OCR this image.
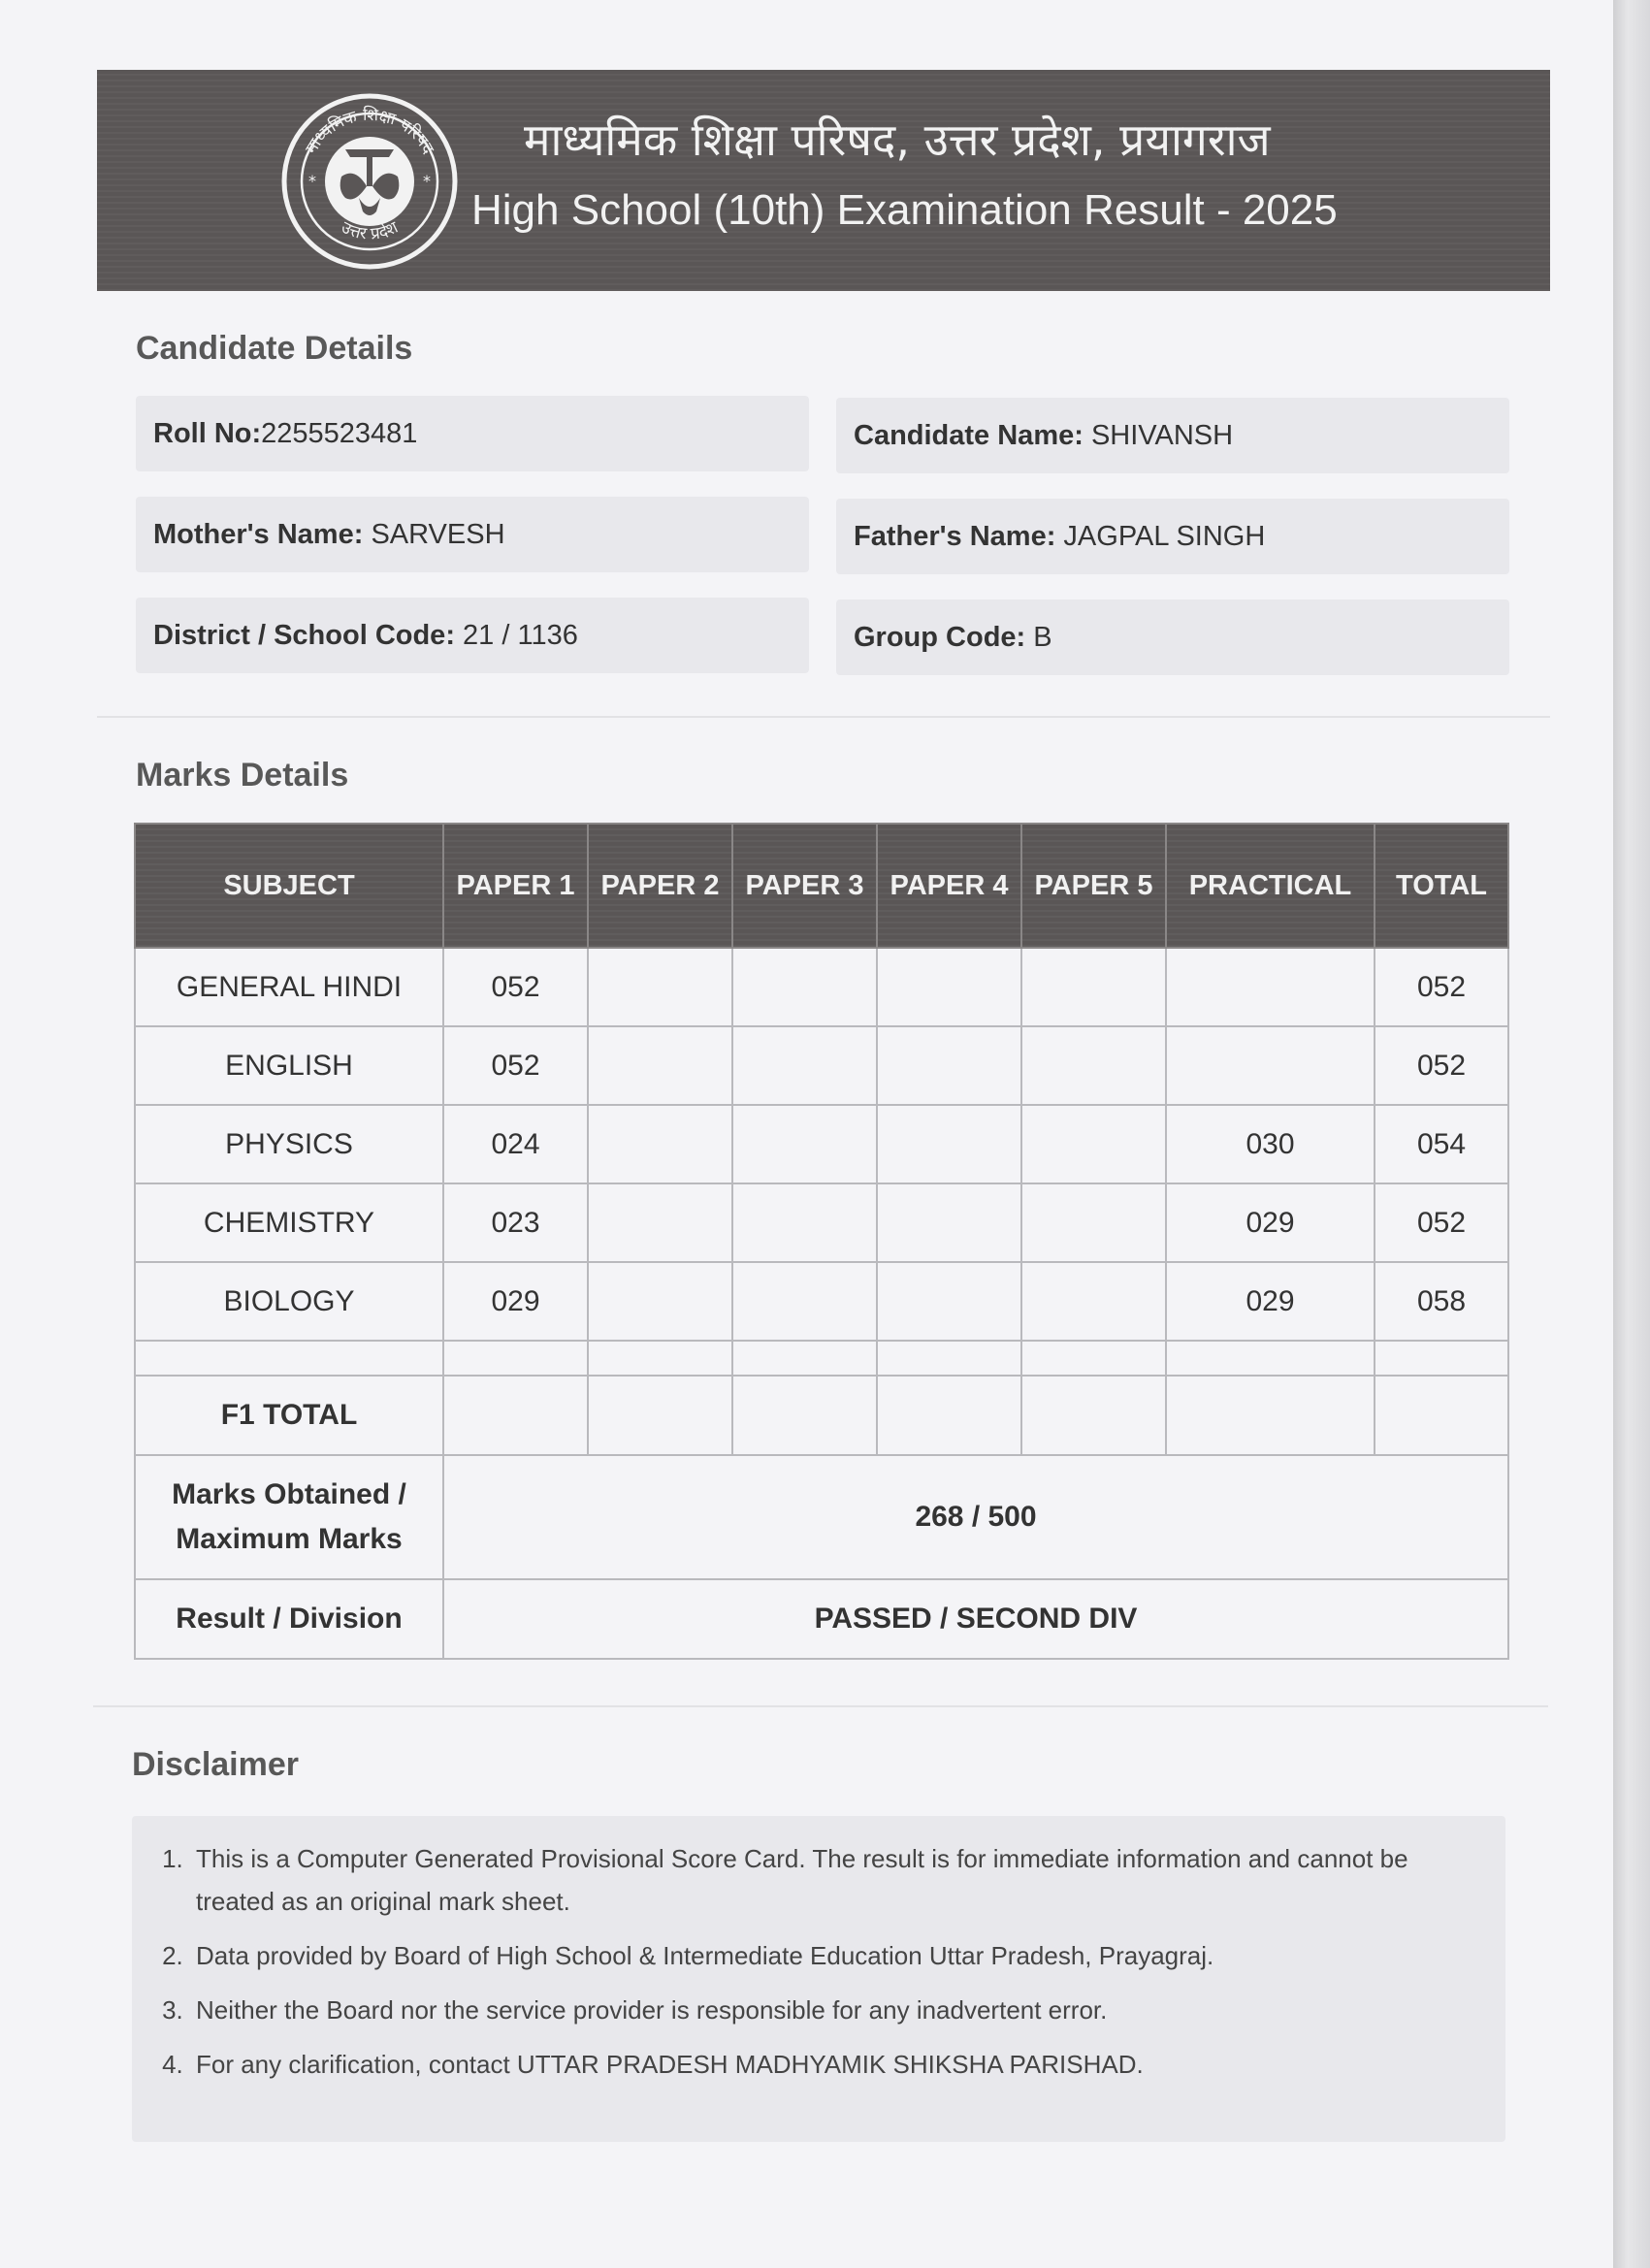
*	*
माध्यमिक शिक्षा परिषद
उत्तर प्रदेश
माध्यमिक शिक्षा परिषद, उत्तर प्रदेश, प्रयागराज
High School (10th) Examination Result - 2025
Candidate Details
Roll No:2255523481	Candidate Name: SHIVANSH
Mother's Name: SARVESH	Father's Name: JAGPAL SINGH
District / School Code: 21 / 1136	Group Code: B
Marks Details
SUBJECT	PAPER 1	PAPER 2	PAPER 3	PAPER 4	PAPER 5	PRACTICAL	TOTAL
GENERAL HINDI	052						052
ENGLISH	052						052
PHYSICS	024					030	054
CHEMISTRY	023					029	052
BIOLOGY	029					029	058

F1 TOTAL							
Marks Obtained / Maximum Marks	268 / 500						
Result / Division	PASSED / SECOND DIV						
Disclaimer
1. This is a Computer Generated Provisional Score Card. The result is for immediate information and cannot be treated as an original mark sheet.
2. Data provided by Board of High School & Intermediate Education Uttar Pradesh, Prayagraj.
3. Neither the Board nor the service provider is responsible for any inadvertent error.
4. For any clarification, contact UTTAR PRADESH MADHYAMIK SHIKSHA PARISHAD.
